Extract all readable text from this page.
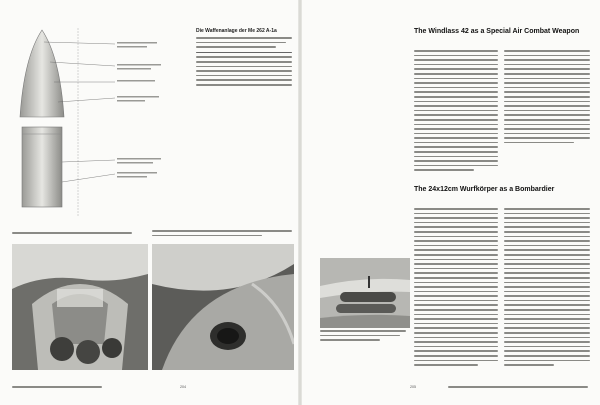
Die Waffenanlage der Me 262 A-1a
204
The Windlass 42 as a Special Air Combat Weapon
The 24x12cm Wurfkörper as a Bombardier
205
